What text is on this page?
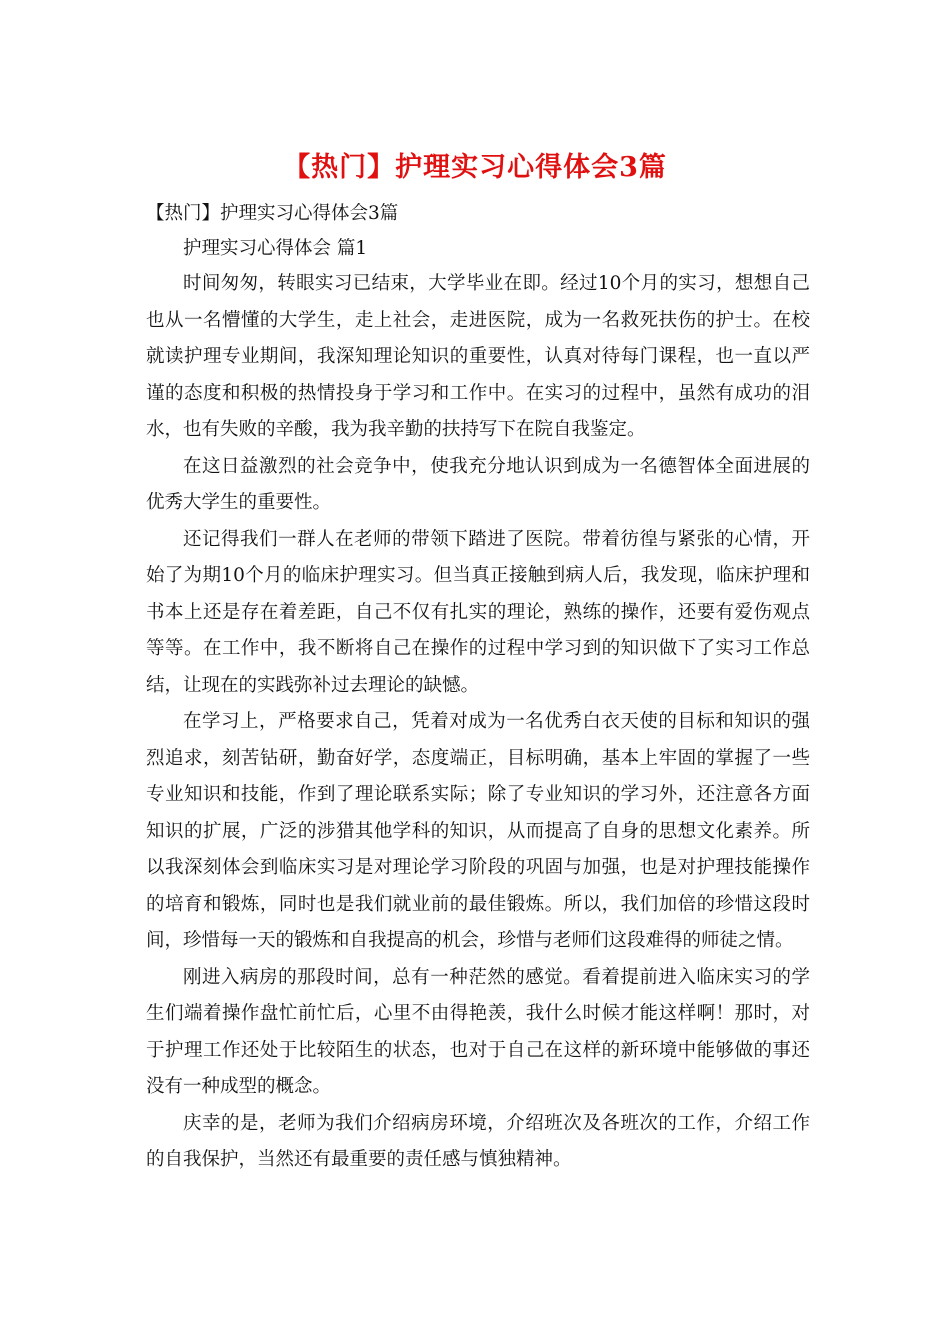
【热门】护理实习心得体会3篇

【热门】护理实习心得体会3篇

护理实习心得体会 篇1

时间匆匆，转眼实习已结束，大学毕业在即。经过10个月的实习，想想自己也从一名懵懂的大学生，走上社会，走进医院，成为一名救死扶伤的护士。在校就读护理专业期间，我深知理论知识的重要性，认真对待每门课程，也一直以严谨的态度和积极的热情投身于学习和工作中。在实习的过程中，虽然有成功的泪水，也有失败的辛酸，我为我辛勤的扶持写下在院自我鉴定。

在这日益激烈的社会竞争中，使我充分地认识到成为一名德智体全面进展的优秀大学生的重要性。

还记得我们一群人在老师的带领下踏进了医院。带着彷徨与紧张的心情，开始了为期10个月的临床护理实习。但当真正接触到病人后，我发现，临床护理和书本上还是存在着差距，自己不仅有扎实的理论，熟练的操作，还要有爱伤观点等等。在工作中，我不断将自己在操作的过程中学习到的知识做下了实习工作总结，让现在的实践弥补过去理论的缺憾。

在学习上，严格要求自己，凭着对成为一名优秀白衣天使的目标和知识的强烈追求，刻苦钻研，勤奋好学，态度端正，目标明确，基本上牢固的掌握了一些专业知识和技能，作到了理论联系实际；除了专业知识的学习外，还注意各方面知识的扩展，广泛的涉猎其他学科的知识，从而提高了自身的思想文化素养。所以我深刻体会到临床实习是对理论学习阶段的巩固与加强，也是对护理技能操作的培育和锻炼，同时也是我们就业前的最佳锻炼。所以，我们加倍的珍惜这段时间，珍惜每一天的锻炼和自我提高的机会，珍惜与老师们这段难得的师徒之情。

刚进入病房的那段时间，总有一种茫然的感觉。看着提前进入临床实习的学生们端着操作盘忙前忙后，心里不由得艳羡，我什么时候才能这样啊！那时，对于护理工作还处于比较陌生的状态，也对于自己在这样的新环境中能够做的事还没有一种成型的概念。

庆幸的是，老师为我们介绍病房环境，介绍班次及各班次的工作，介绍工作的自我保护，当然还有最重要的责任感与慎独精神。
